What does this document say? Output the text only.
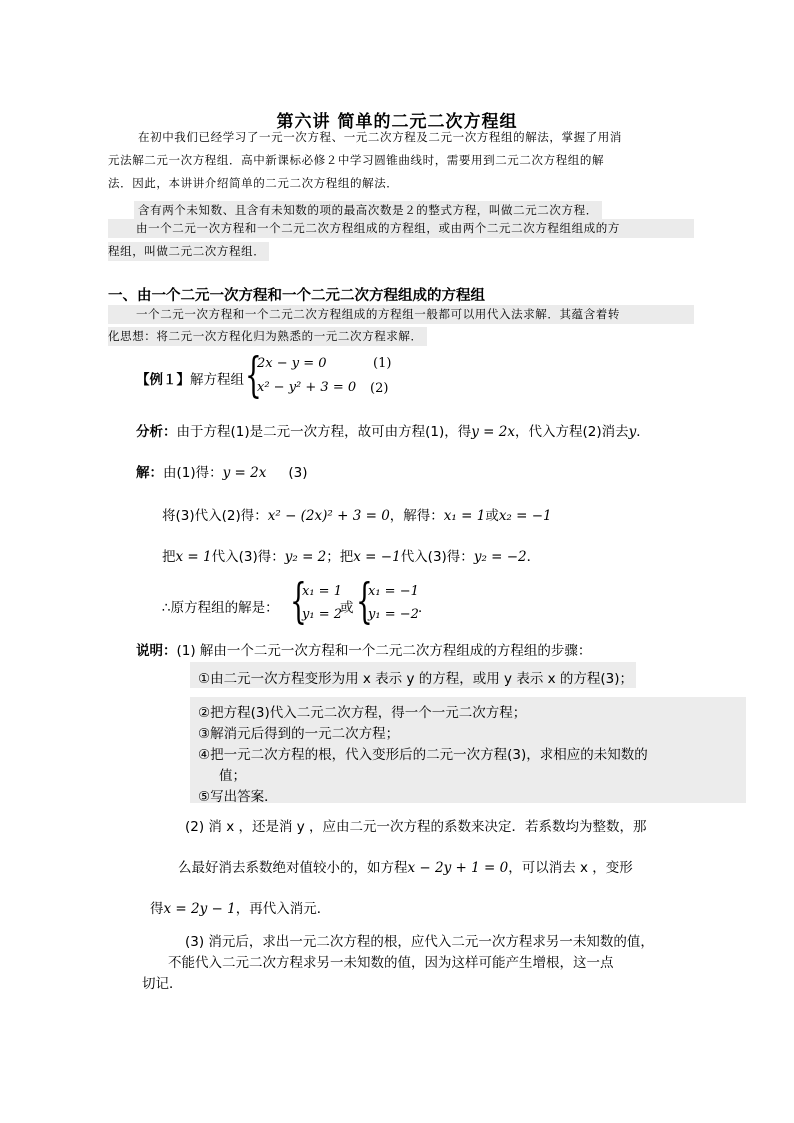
第六讲 简单的二元二次方程组
在初中我们已经学习了一元一次方程、一元二次方程及二元一次方程组的解法，掌握了用消
元法解二元一次方程组．高中新课标必修２中学习圆锥曲线时，需要用到二元二次方程组的解
法．因此，本讲讲介绍简单的二元二次方程组的解法．
含有两个未知数、且含有未知数的项的最高次数是２的整式方程，叫做二元二次方程．
由一个二元一次方程和一个二元二次方程组成的方程组，或由两个二元二次方程组组成的方
程组，叫做二元二次方程组．
一、由一个二元一次方程和一个二元二次方程组成的方程组
一个二元一次方程和一个二元二次方程组成的方程组一般都可以用代入法求解．其蕴含着转
化思想：将二元一次方程化归为熟悉的一元二次方程求解．
【例１】解方程组 {
2x − y = 0	(1)
x² − y² + 3 = 0 (2)
分析：由于方程(1)是二元一次方程，故可由方程(1)，得y = 2x，代入方程(2)消去y．
解：由(1)得：y = 2x (3)
将(3)代入(2)得：x² − (2x)² + 3 = 0，解得：x₁ = 1或x₂ = −1
把x = 1代入(3)得：y₂ = 2；把x = −1代入(3)得：y₂ = −2．
∴原方程组的解是： {
x₁ = 1
y₁ = 2
或 {
x₁ = −1
y₁ = −2 ．
说明：(1) 解由一个二元一次方程和一个二元二次方程组成的方程组的步骤：
①由二元一次方程变形为用 x 表示 y 的方程，或用 y 表示 x 的方程(3)；
②把方程(3)代入二元二次方程，得一个一元二次方程；
③解消元后得到的一元二次方程；
④把一元二次方程的根，代入变形后的二元一次方程(3)，求相应的未知数的
值；
⑤写出答案．
(2) 消 x ，还是消 y ，应由二元一次方程的系数来决定．若系数均为整数，那
么最好消去系数绝对值较小的，如方程x − 2y + 1 = 0，可以消去 x ，变形
得x = 2y − 1，再代入消元．
(3) 消元后，求出一元二次方程的根，应代入二元一次方程求另一未知数的值，
不能代入二元二次方程求另一未知数的值，因为这样可能产生增根，这一点
切记．
